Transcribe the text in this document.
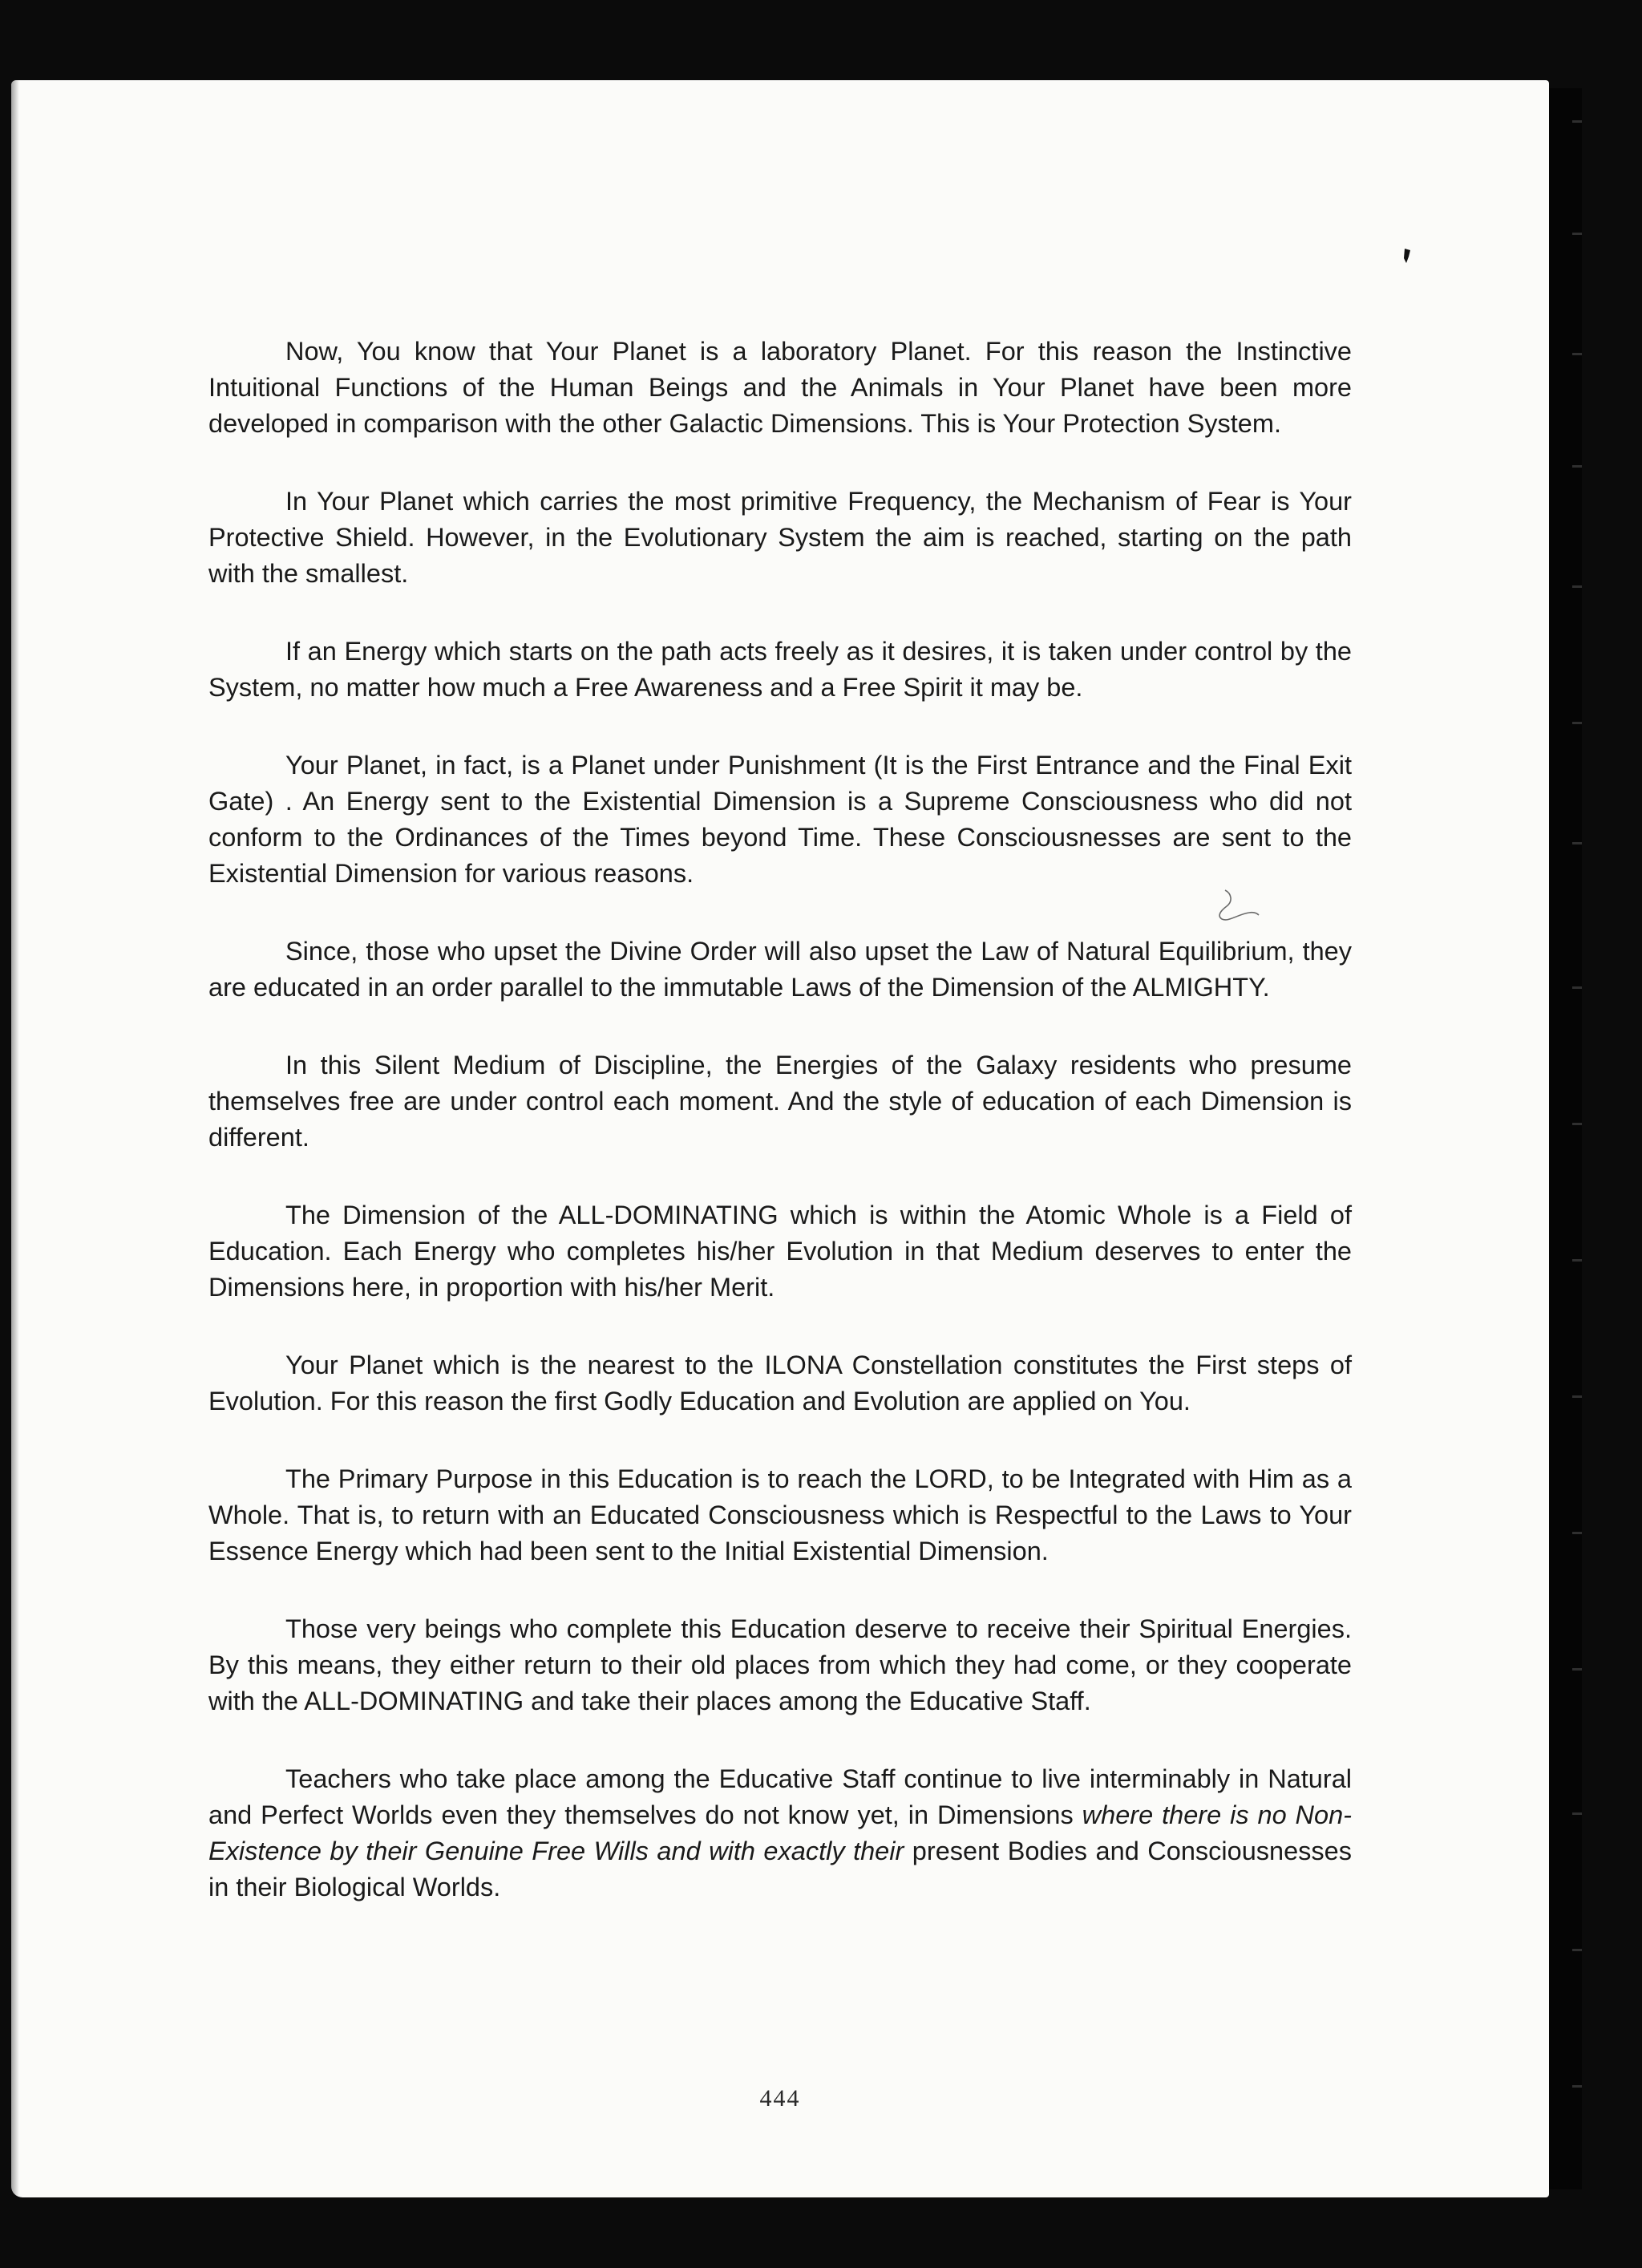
Now, You know that Your Planet is a laboratory Planet. For this reason the Instinctive Intuitional Functions of the Human Beings and the Animals in Your Planet have been more developed in comparison with the other Galactic Dimensions. This is Your Protection System.

In Your Planet which carries the most primitive Frequency, the Mechanism of Fear is Your Protective Shield. However, in the Evolutionary System the aim is reached, starting on the path with the smallest.

If an Energy which starts on the path acts freely as it desires, it is taken under control by the System, no matter how much a Free Awareness and a Free Spirit it may be.

Your Planet, in fact, is a Planet under Punishment (It is the First Entrance and the Final Exit Gate) . An Energy sent to the Existential Dimension is a Supreme Consciousness who did not conform to the Ordinances of the Times beyond Time. These Consciousnesses are sent to the Existential Dimension for various reasons.

Since, those who upset the Divine Order will also upset the Law of Natural Equilibrium, they are educated in an order parallel to the immutable Laws of the Dimension of the ALMIGHTY.

In this Silent Medium of Discipline, the Energies of the Galaxy residents who presume themselves free are under control each moment. And the style of education of each Dimension is different.

The Dimension of the ALL-DOMINATING which is within the Atomic Whole is a Field of Education. Each Energy who completes his/her Evolution in that Medium deserves to enter the Dimensions here, in proportion with his/her Merit.

Your Planet which is the nearest to the ILONA Constellation constitutes the First steps of Evolution. For this reason the first Godly Education and Evolution are applied on You.

The Primary Purpose in this Education is to reach the LORD, to be Integrated with Him as a Whole. That is, to return with an Educated Consciousness which is Respectful to the Laws to Your Essence Energy which had been sent to the Initial Existential Dimension.

Those very beings who complete this Education deserve to receive their Spiritual Energies. By this means, they either return to their old places from which they had come, or they cooperate with the ALL-DOMINATING and take their places among the Educative Staff.

Teachers who take place among the Educative Staff continue to live interminably in Natural and Perfect Worlds even they themselves do not know yet, in Dimensions where there is no Non-Existence by their Genuine Free Wills and with exactly their present Bodies and Consciousnesses in their Biological Worlds.

444
